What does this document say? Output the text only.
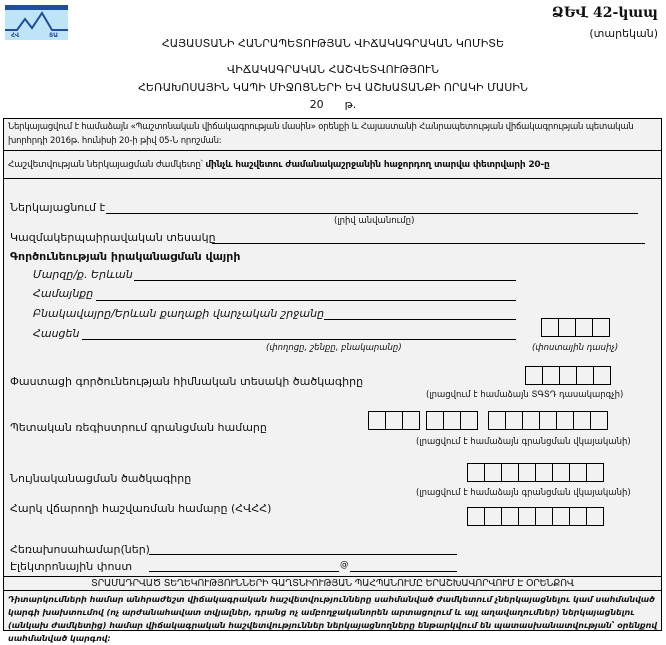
ՀՎ	ՏԱ
ՁԵՎ 42-կապ
(տարեկան)
ՀԱՅԱՍՏԱՆԻ ՀԱՆՐԱՊԵՏՈՒԹՅԱՆ ՎԻՃԱԿԱԳՐԱԿԱՆ ԿՈՄԻՏԵ
ՎԻՃԱԿԱԳՐԱԿԱՆ ՀԱՇՎԵՏՎՈՒԹՅՈՒՆ
ՀԵՌԱԽՈՍԱՅԻՆ ԿԱՊԻ ՄԻՋՈՑՆԵՐԻ ԵՎ ԱՇԽԱՏԱՆՔԻ ՈՐԱԿԻ ՄԱՍԻՆ
20 թ.
Ներկայացվում է համաձայն «Պաշտոնական վիճակագրության մասին» օրենքի և Հայաստանի Հանրապետության վիճակագրության պետական խորհրդի 2016թ. հունիսի 20-ի թիվ 05-Ն որոշման:
Հաշվետվության ներկայացման ժամկետը՝ մինչև հաշվետու ժամանակաշրջանին հաջորդող տարվա փետրվարի 20-ը
Ներկայացնում է
(լրիվ անվանումը)
Կազմակերպաիրավական տեսակը
Գործունեության իրականացման վայրի
Մարզը/ք. Երևան
Համայնքը
Բնակավայրը/Երևան քաղաքի վարչական շրջանը
Հասցեն
(փողոցը, շենքը, բնակարանը)	(փոստային դասիչ)
Փաստացի գործունեության հիմնական տեսակի ծածկագիրը
(լրացվում է համաձայն ՏԳՏԴ դասակարգչի)
Պետական ռեգիստրում գրանցման համարը
(լրացվում է համաձայն գրանցման վկայականի)
Նույնականացման ծածկագիրը
(լրացվում է համաձայն գրանցման վկայականի)
Հարկ վճարողի հաշվառման համարը (ՀՎՀՀ)
Հեռախոսահամար(ներ)
Էլեկտրոնային փոստ	@
ՏՐԱՄԱԴՐՎԱԾ ՏԵՂԵԿՈՒԹՅՈՒՆՆԵՐԻ ԳԱՂՏՆԻՈՒԹՅԱՆ ՊԱՀՊԱՆՈՒՄԸ ԵՐԱՇԽԱՎՈՐՎՈՒՄ Է ՕՐԵՆՔՈՎ
Դիտարկումների համար անհրաժեշտ վիճակագրական հաշվետվությունները սահմանված ժամկետում չներկայացնելու կամ սահմանված կարգի խախտումով (ոչ արժանահավատ տվյալներ, դրանց ոչ ամբողջականորեն արտացոլում և այլ աղավաղումներ) ներկայացնելու (անկախ ժամկետից) համար վիճակագրական հաշվետվություններ ներկայացնողները ենթարկվում են պատասխանատվության՝ օրենքով սահմանված կարգով:
